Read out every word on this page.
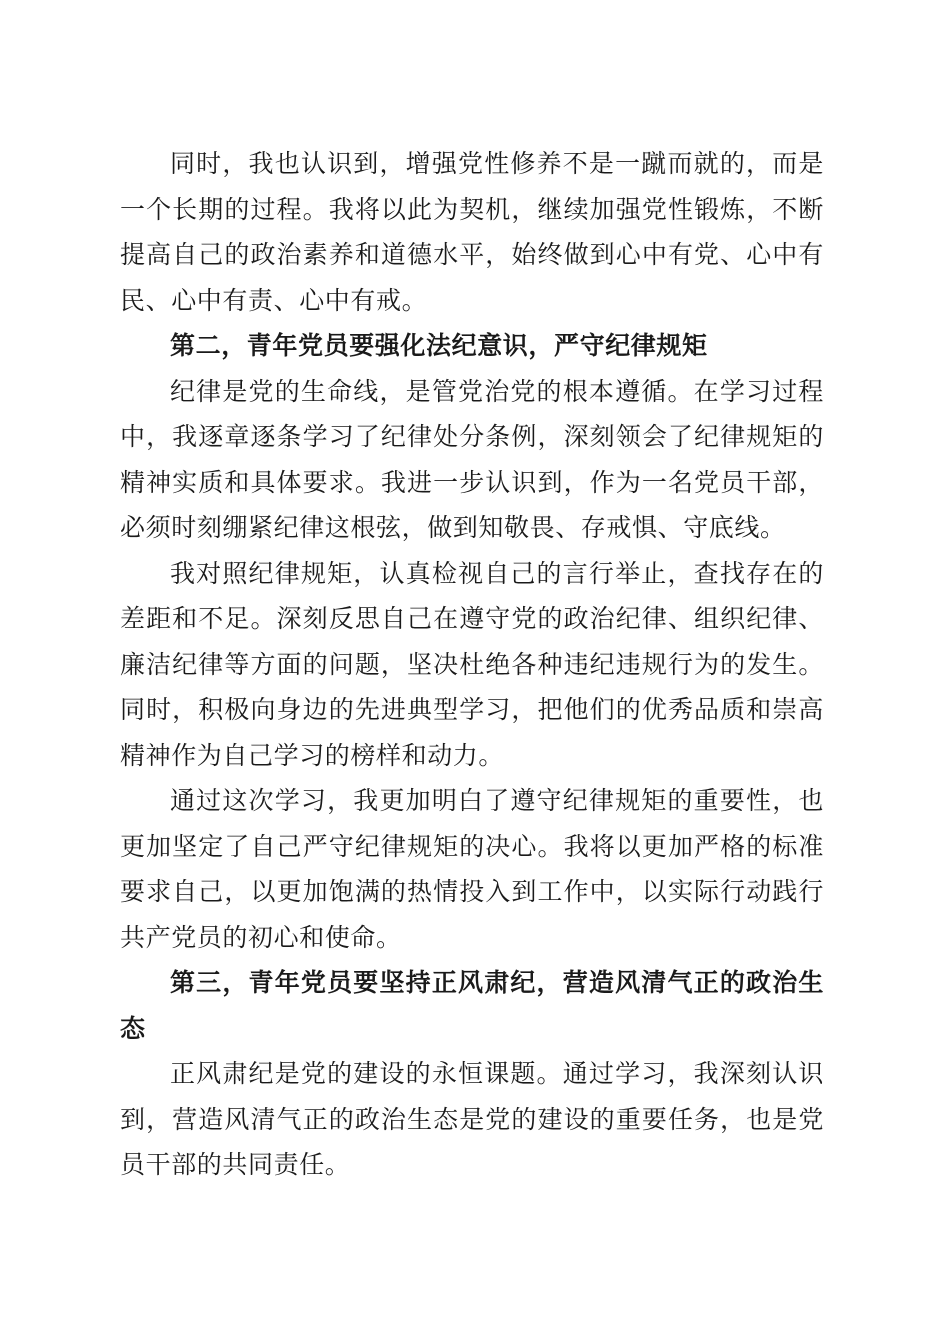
同时，我也认识到，增强党性修养不是一蹴而就的，而是一个长期的过程。我将以此为契机，继续加强党性锻炼，不断提高自己的政治素养和道德水平，始终做到心中有党、心中有民、心中有责、心中有戒。

第二，青年党员要强化法纪意识，严守纪律规矩

纪律是党的生命线，是管党治党的根本遵循。在学习过程中，我逐章逐条学习了纪律处分条例，深刻领会了纪律规矩的精神实质和具体要求。我进一步认识到，作为一名党员干部，必须时刻绷紧纪律这根弦，做到知敬畏、存戒惧、守底线。

我对照纪律规矩，认真检视自己的言行举止，查找存在的差距和不足。深刻反思自己在遵守党的政治纪律、组织纪律、廉洁纪律等方面的问题，坚决杜绝各种违纪违规行为的发生。同时，积极向身边的先进典型学习，把他们的优秀品质和崇高精神作为自己学习的榜样和动力。

通过这次学习，我更加明白了遵守纪律规矩的重要性，也更加坚定了自己严守纪律规矩的决心。我将以更加严格的标准要求自己，以更加饱满的热情投入到工作中，以实际行动践行共产党员的初心和使命。

第三，青年党员要坚持正风肃纪，营造风清气正的政治生态

正风肃纪是党的建设的永恒课题。通过学习，我深刻认识到，营造风清气正的政治生态是党的建设的重要任务，也是党员干部的共同责任。
